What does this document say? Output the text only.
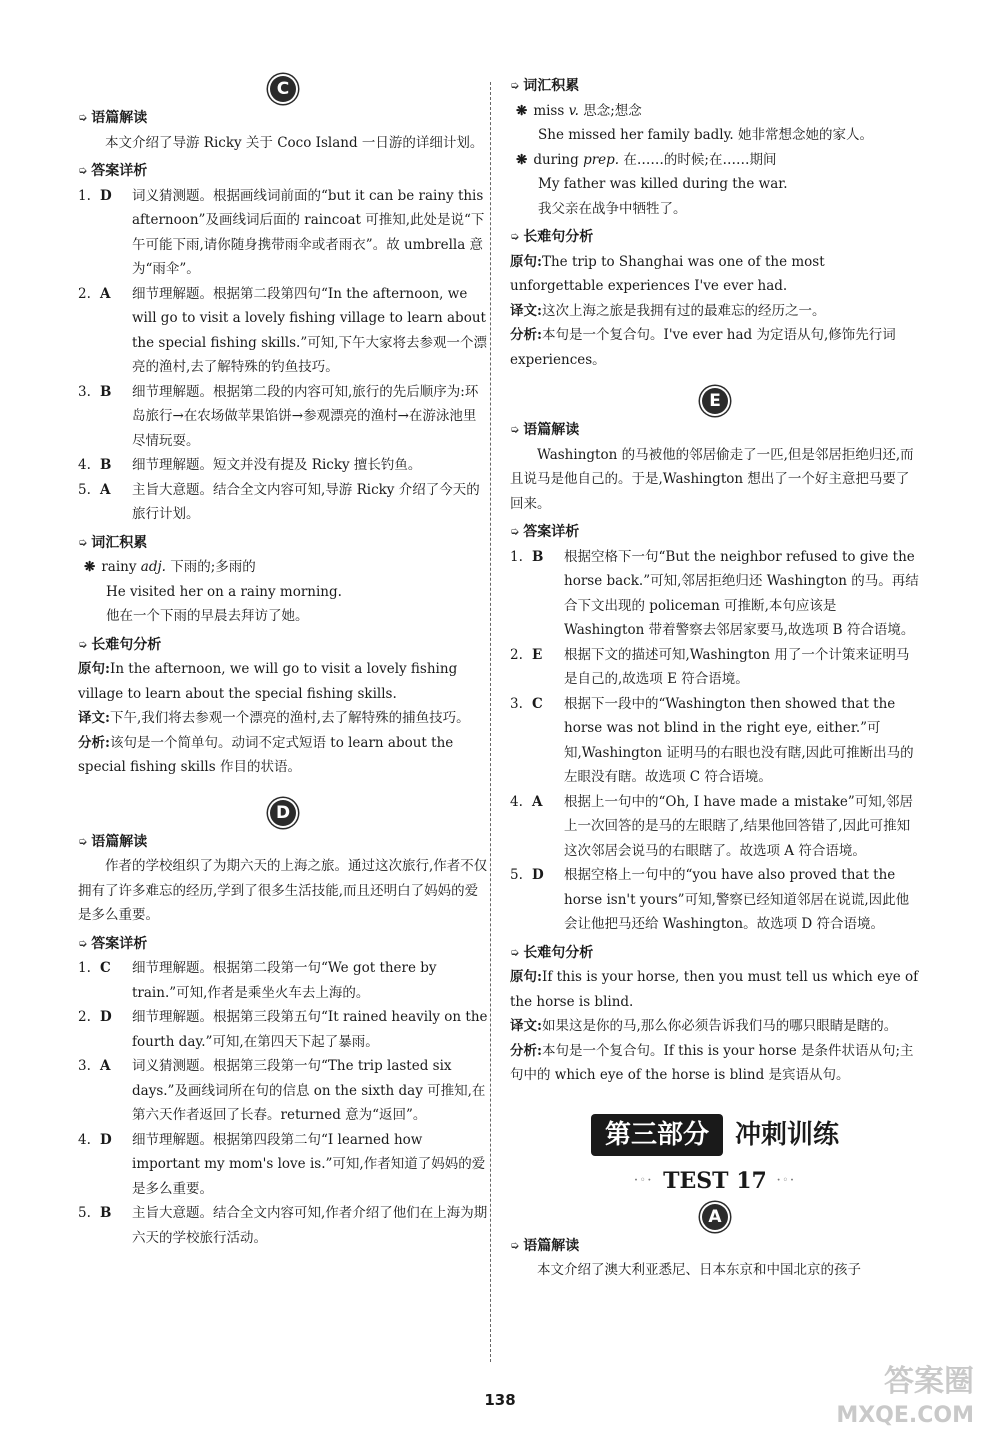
C
➭ 语篇解读
本文介绍了导游 Ricky 关于 Coco Island 一日游的详细计划。
➭ 答案详析
1. D	词义猜测题。根据画线词前面的“but it can be rainy this afternoon”及画线词后面的 raincoat 可推知,此处是说“下午可能下雨,请你随身携带雨伞或者雨衣”。故 umbrella 意为“雨伞”。
2. A	细节理解题。根据第二段第四句“In the afternoon, we will go to visit a lovely fishing village to learn about the special fishing skills.”可知,下午大家将去参观一个漂亮的渔村,去了解特殊的钓鱼技巧。
3. B	细节理解题。根据第二段的内容可知,旅行的先后顺序为:环岛旅行→在农场做苹果馅饼→参观漂亮的渔村→在游泳池里尽情玩耍。
4. B	细节理解题。短文并没有提及 Ricky 擅长钓鱼。
5. A	主旨大意题。结合全文内容可知,导游 Ricky 介绍了今天的旅行计划。
➭ 词汇积累
❋ rainy adj. 下雨的;多雨的
He visited her on a rainy morning.
他在一个下雨的早晨去拜访了她。
➭ 长难句分析
原句:In the afternoon, we will go to visit a lovely fishing village to learn about the special fishing skills.
译文:下午,我们将去参观一个漂亮的渔村,去了解特殊的捕鱼技巧。
分析:该句是一个简单句。动词不定式短语 to learn about the special fishing skills 作目的状语。
D
➭ 语篇解读
作者的学校组织了为期六天的上海之旅。通过这次旅行,作者不仅拥有了许多难忘的经历,学到了很多生活技能,而且还明白了妈妈的爱是多么重要。
➭ 答案详析
1. C	细节理解题。根据第二段第一句“We got there by train.”可知,作者是乘坐火车去上海的。
2. D	细节理解题。根据第三段第五句“It rained heavily on the fourth day.”可知,在第四天下起了暴雨。
3. A	词义猜测题。根据第三段第一句“The trip lasted six days.”及画线词所在句的信息 on the sixth day 可推知,在第六天作者返回了长春。returned 意为“返回”。
4. D	细节理解题。根据第四段第二句“I learned how important my mom's love is.”可知,作者知道了妈妈的爱是多么重要。
5. B	主旨大意题。结合全文内容可知,作者介绍了他们在上海为期六天的学校旅行活动。
➭ 词汇积累
❋ miss v. 思念;想念
She missed her family badly. 她非常想念她的家人。
❋ during prep. 在……的时候;在……期间
My father was killed during the war.
我父亲在战争中牺牲了。
➭ 长难句分析
原句:The trip to Shanghai was one of the most unforgettable experiences I've ever had.
译文:这次上海之旅是我拥有过的最难忘的经历之一。
分析:本句是一个复合句。I've ever had 为定语从句,修饰先行词 experiences。
E
➭ 语篇解读
Washington 的马被他的邻居偷走了一匹,但是邻居拒绝归还,而且说马是他自己的。于是,Washington 想出了一个好主意把马要了回来。
➭ 答案详析
1. B	根据空格下一句“But the neighbor refused to give the horse back.”可知,邻居拒绝归还 Washington 的马。再结合下文出现的 policeman 可推断,本句应该是 Washington 带着警察去邻居家要马,故选项 B 符合语境。
2. E	根据下文的描述可知,Washington 用了一个计策来证明马是自己的,故选项 E 符合语境。
3. C	根据下一段中的“Washington then showed that the horse was not blind in the right eye, either.”可知,Washington 证明马的右眼也没有瞎,因此可推断出马的左眼没有瞎。故选项 C 符合语境。
4. A	根据上一句中的“Oh, I have made a mistake”可知,邻居上一次回答的是马的左眼瞎了,结果他回答错了,因此可推知这次邻居会说马的右眼瞎了。故选项 A 符合语境。
5. D	根据空格上一句中的“you have also proved that the horse isn't yours”可知,警察已经知道邻居在说谎,因此他会让他把马还给 Washington。故选项 D 符合语境。
➭ 长难句分析
原句:If this is your horse, then you must tell us which eye of the horse is blind.
译文:如果这是你的马,那么你必须告诉我们马的哪只眼睛是瞎的。
分析:本句是一个复合句。If this is your horse 是条件状语从句;主句中的 which eye of the horse is blind 是宾语从句。
第三部分	冲刺训练
·◦· TEST 17 ·◦·
A
➭ 语篇解读
本文介绍了澳大利亚悉尼、日本东京和中国北京的孩子
138
答案圈
MXQE.COM
